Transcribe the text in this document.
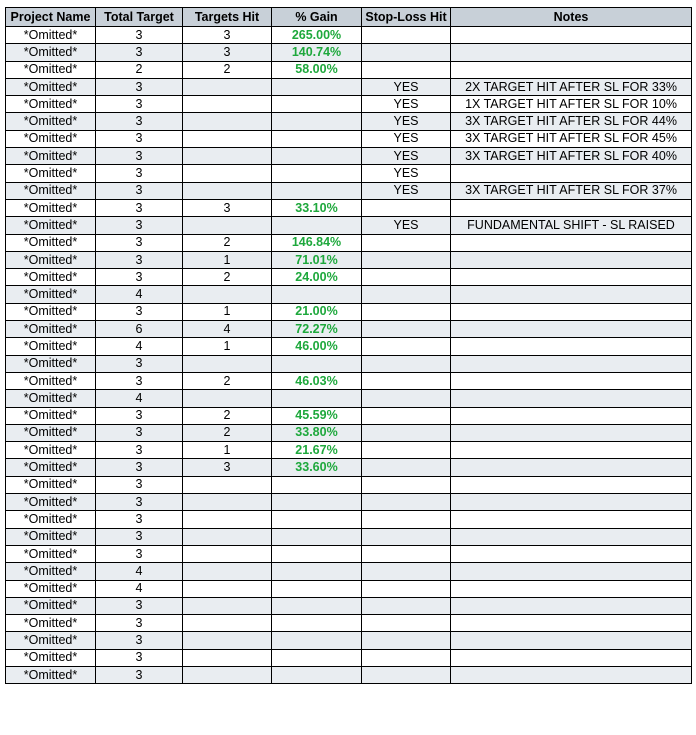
Project Name	Total Target	Targets Hit	% Gain	Stop-Loss Hit	Notes
*Omitted*	3	3	265.00%		
*Omitted*	3	3	140.74%		
*Omitted*	2	2	58.00%		
*Omitted*	3			YES	2X TARGET HIT AFTER SL FOR 33%
*Omitted*	3			YES	1X TARGET HIT AFTER SL FOR 10%
*Omitted*	3			YES	3X TARGET HIT AFTER SL FOR 44%
*Omitted*	3			YES	3X TARGET HIT AFTER SL FOR 45%
*Omitted*	3			YES	3X TARGET HIT AFTER SL FOR 40%
*Omitted*	3			YES	
*Omitted*	3			YES	3X TARGET HIT AFTER SL FOR 37%
*Omitted*	3	3	33.10%		
*Omitted*	3			YES	FUNDAMENTAL SHIFT - SL RAISED
*Omitted*	3	2	146.84%		
*Omitted*	3	1	71.01%		
*Omitted*	3	2	24.00%		
*Omitted*	4				
*Omitted*	3	1	21.00%		
*Omitted*	6	4	72.27%		
*Omitted*	4	1	46.00%		
*Omitted*	3				
*Omitted*	3	2	46.03%		
*Omitted*	4				
*Omitted*	3	2	45.59%		
*Omitted*	3	2	33.80%		
*Omitted*	3	1	21.67%		
*Omitted*	3	3	33.60%		
*Omitted*	3				
*Omitted*	3				
*Omitted*	3				
*Omitted*	3				
*Omitted*	3				
*Omitted*	4				
*Omitted*	4				
*Omitted*	3				
*Omitted*	3				
*Omitted*	3				
*Omitted*	3				
*Omitted*	3				
